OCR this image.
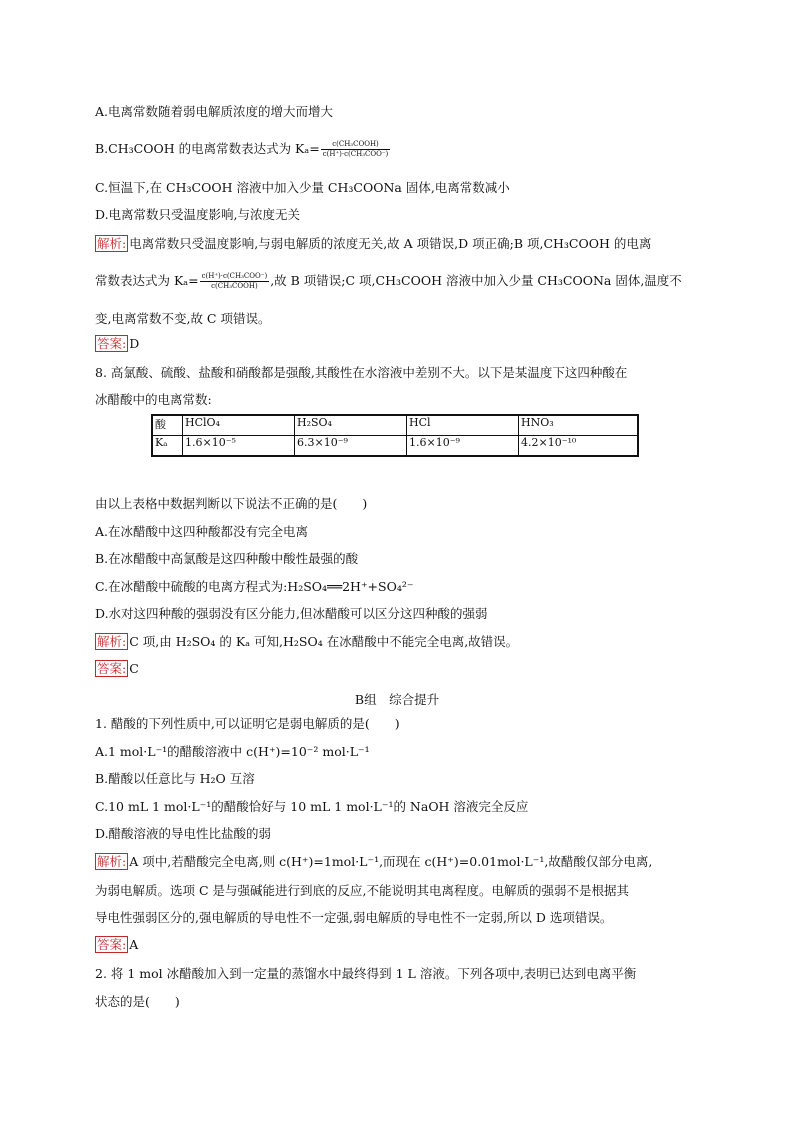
A.电离常数随着弱电解质浓度的增大而增大
B.CH₃COOH 的电离常数表达式为 $K_a= \frac{\text{c(CH₃COOH)}}{\text{c(H⁺)·c(CH₃COO⁻)}}$
C.恒温下,在 CH₃COOH 溶液中加入少量 CH₃COONa 固体,电离常数减小
D.电离常数只受温度影响,与浓度无关
解析: 电离常数只受温度影响,与弱电解质的浓度无关,故 A 项错误,D 项正确;B 项,CH₃COOH 的电离
常数表达式为 $K_a= \frac{\text{c(H⁺)·c(CH₃COO⁻)}}{\text{c(CH₃COOH)}}$ ,故 B 项错误;C 项,CH₃COOH 溶液中加入少量 CH₃COONa 固体,温度不
变,电离常数不变,故 C 项错误。
答案: D
8. 高氯酸、硫酸、盐酸和硝酸都是强酸,其酸性在水溶液中差别不大。以下是某温度下这四种酸在
冰醋酸中的电离常数:
酸	HClO₄	H₂SO₄	HCl	HNO₃
Kₐ	1.6×10⁻⁵	6.3×10⁻⁹	1.6×10⁻⁹	4.2×10⁻¹⁰
由以上表格中数据判断以下说法不正确的是(　　)
A.在冰醋酸中这四种酸都没有完全电离
B.在冰醋酸中高氯酸是这四种酸中酸性最强的酸
C.在冰醋酸中硫酸的电离方程式为:H₂SO₄══2H⁺+SO₄²⁻
D.水对这四种酸的强弱没有区分能力,但冰醋酸可以区分这四种酸的强弱
解析: C 项,由 H₂SO₄ 的 Kₐ 可知,H₂SO₄ 在冰醋酸中不能完全电离,故错误。
答案: C
B组　综合提升
1. 醋酸的下列性质中,可以证明它是弱电解质的是(　　)
A.1 mol·L⁻¹的醋酸溶液中 c(H⁺)=10⁻² mol·L⁻¹
B.醋酸以任意比与 H₂O 互溶
C.10 mL 1 mol·L⁻¹的醋酸恰好与 10 mL 1 mol·L⁻¹的 NaOH 溶液完全反应
D.醋酸溶液的导电性比盐酸的弱
解析: A 项中,若醋酸完全电离,则 c(H⁺)=1mol·L⁻¹,而现在 c(H⁺)=0.01mol·L⁻¹,故醋酸仅部分电离,
为弱电解质。选项 C 是与强碱能进行到底的反应,不能说明其电离程度。电解质的强弱不是根据其
导电性强弱区分的,强电解质的导电性不一定强,弱电解质的导电性不一定弱,所以 D 选项错误。
答案: A
2. 将 1 mol 冰醋酸加入到一定量的蒸馏水中最终得到 1 L 溶液。下列各项中,表明已达到电离平衡
状态的是(　　)
